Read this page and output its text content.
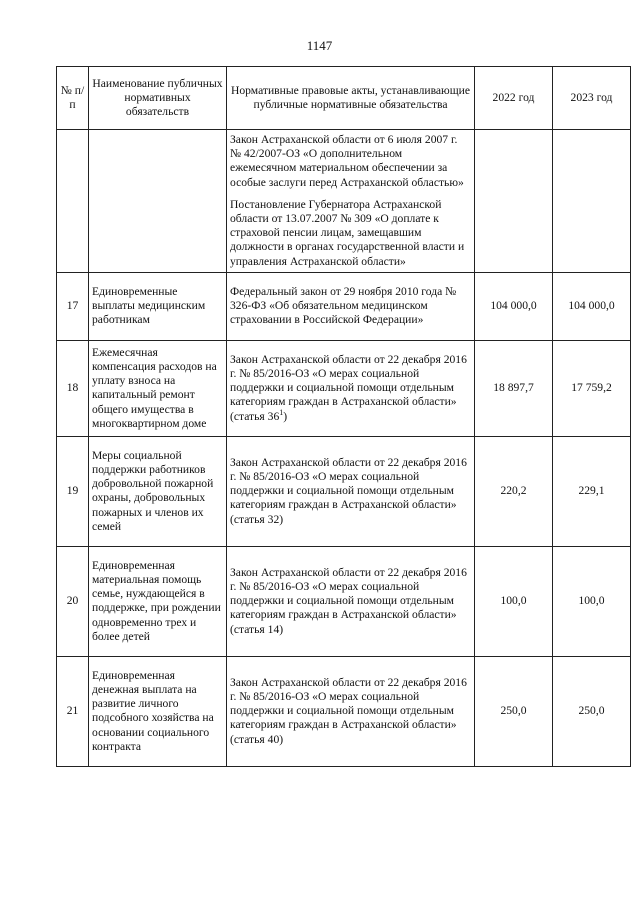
1147
№ п/п	Наименование публичных нормативных обязательств	Нормативные правовые акты, устанавливающие публичные нормативные обязательства	2022 год	2023 год

		Закон Астраханской области от 6 июля 2007 г. № 42/2007-ОЗ «О дополнительном ежемесячном материальном обеспечении за особые заслуги перед Астраханской областью»
Постановление Губернатора Астраханской области от 13.07.2007 № 309 «О доплате к страховой пенсии лицам, замещавшим должности в органах государственной власти и управления Астраханской области»		

17	Единовременные выплаты медицинским работникам	Федеральный закон от 29 ноября 2010 года № 326-ФЗ «Об обязательном медицинском страховании в Российской Федерации»	104 000,0	104 000,0
18	Ежемесячная компенсация расходов на уплату взноса на капитальный ремонт общего имущества в многоквартирном доме	Закон Астраханской области от 22 декабря 2016 г. № 85/2016-ОЗ «О мерах социальной поддержки и социальной помощи отдельным категориям граждан в Астраханской области»
(статья $36^1$)	18 897,7	17 759,2
19	Меры социальной поддержки работников добровольной пожарной охраны, добровольных пожарных и членов их семей	Закон Астраханской области от 22 декабря 2016 г. № 85/2016-ОЗ «О мерах социальной поддержки и социальной помощи отдельным категориям граждан в Астраханской области»
(статья 32)	220,2	229,1
20	Единовременная материальная помощь семье, нуждающейся в поддержке, при рождении одновременно трех и более детей	Закон Астраханской области от 22 декабря 2016 г. № 85/2016-ОЗ «О мерах социальной поддержки и социальной помощи отдельным категориям граждан в Астраханской области»
(статья 14)	100,0	100,0
21	Единовременная денежная выплата на развитие личного подсобного хозяйства на основании социального контракта	Закон Астраханской области от 22 декабря 2016 г. № 85/2016-ОЗ «О мерах социальной поддержки и социальной помощи отдельным категориям граждан в Астраханской области»
(статья 40)	250,0	250,0
